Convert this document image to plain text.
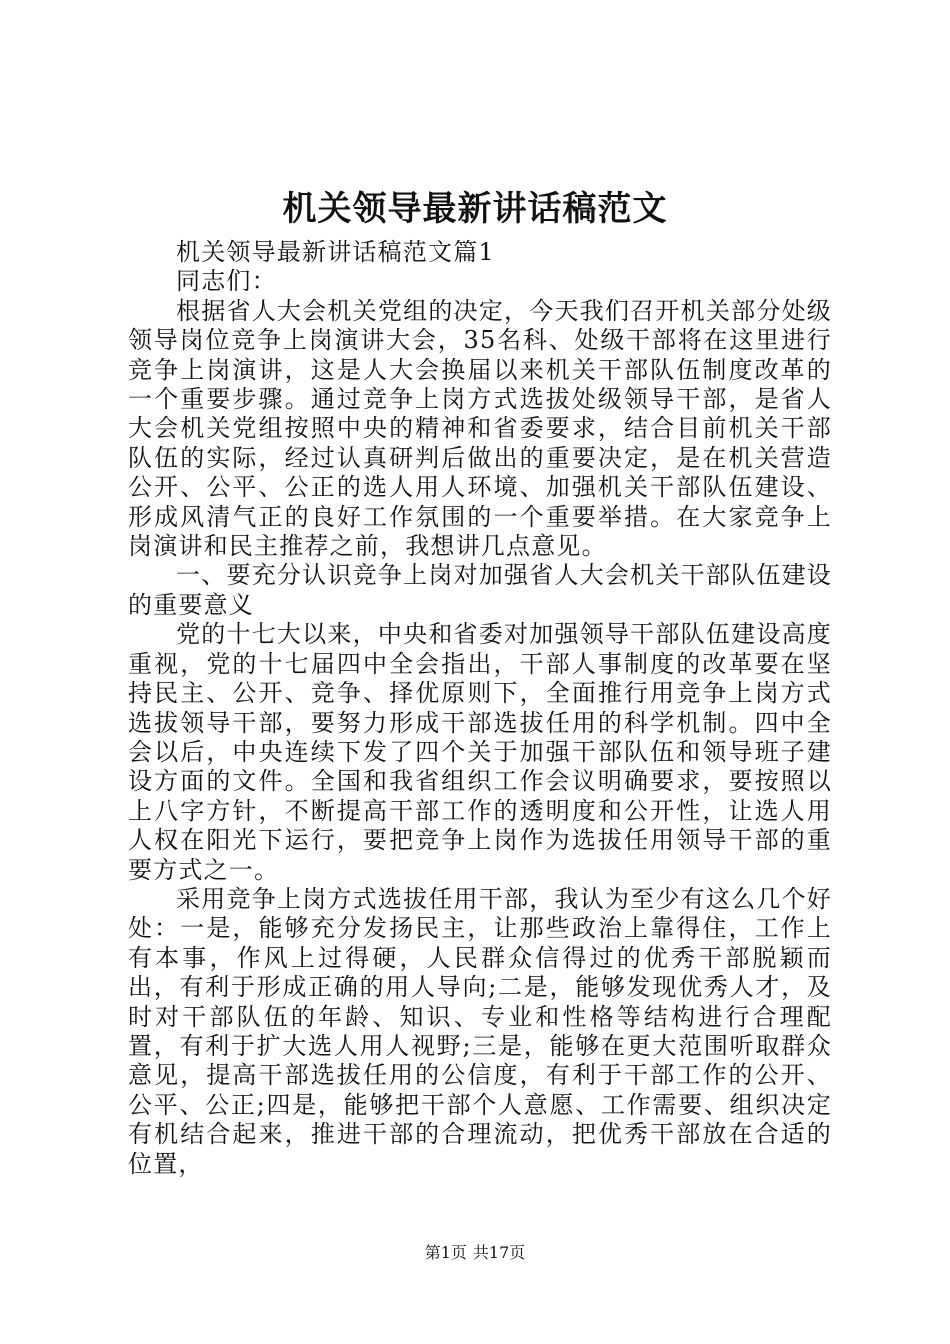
机关领导最新讲话稿范文

机关领导最新讲话稿范文篇1

同志们：

根据省人大会机关党组的决定，今天我们召开机关部分处级领导岗位竞争上岗演讲大会，35名科、处级干部将在这里进行竞争上岗演讲，这是人大会换届以来机关干部队伍制度改革的一个重要步骤。通过竞争上岗方式选拔处级领导干部，是省人大会机关党组按照中央的精神和省委要求，结合目前机关干部队伍的实际，经过认真研判后做出的重要决定，是在机关营造公开、公平、公正的选人用人环境、加强机关干部队伍建设、形成风清气正的良好工作氛围的一个重要举措。在大家竞争上岗演讲和民主推荐之前，我想讲几点意见。

一、要充分认识竞争上岗对加强省人大会机关干部队伍建设的重要意义

党的十七大以来，中央和省委对加强领导干部队伍建设高度重视，党的十七届四中全会指出，干部人事制度的改革要在坚持民主、公开、竞争、择优原则下，全面推行用竞争上岗方式选拔领导干部，要努力形成干部选拔任用的科学机制。四中全会以后，中央连续下发了四个关于加强干部队伍和领导班子建设方面的文件。全国和我省组织工作会议明确要求，要按照以上八字方针，不断提高干部工作的透明度和公开性，让选人用人权在阳光下运行，要把竞争上岗作为选拔任用领导干部的重要方式之一。

采用竞争上岗方式选拔任用干部，我认为至少有这么几个好处：一是，能够充分发扬民主，让那些政治上靠得住，工作上有本事，作风上过得硬，人民群众信得过的优秀干部脱颖而出，有利于形成正确的用人导向;二是，能够发现优秀人才，及时对干部队伍的年龄、知识、专业和性格等结构进行合理配置，有利于扩大选人用人视野;三是，能够在更大范围听取群众意见，提高干部选拔任用的公信度，有利于干部工作的公开、公平、公正;四是，能够把干部个人意愿、工作需要、组织决定有机结合起来，推进干部的合理流动，把优秀干部放在合适的位置，

第1页 共17页
